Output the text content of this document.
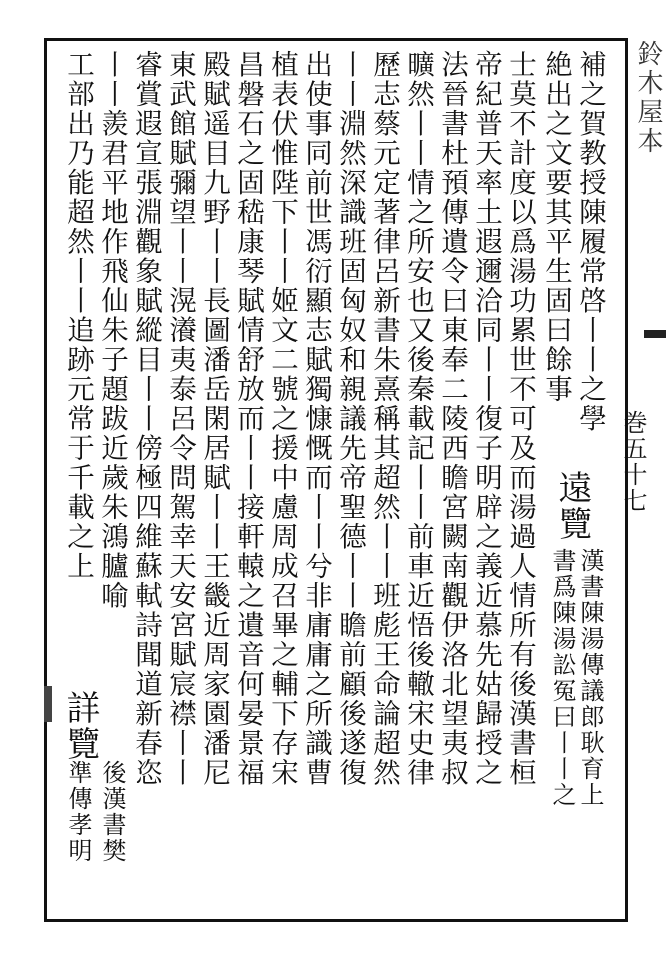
鈴木屋本
巻五十七
補之賀教授陳履常啓丨丨之學
絶出之文要其平生固曰餘事
遠覽
漢書陳湯傳議郎耿育上
書爲陳湯訟冤曰丨丨之
士莫不計度以爲湯功累世不可及而湯過人情所有後漢書桓
帝紀普天率土遐邇洽同丨丨復子明辟之義近慕先姑歸授之
法晉書杜預傳遺令曰東奉二陵西瞻宮闕南觀伊洛北望夷叔
曠然丨丨情之所安也又後秦載記丨丨前車近悟後轍宋史律
歷志蔡元定著律呂新書朱熹稱其超然丨丨班彪王命論超然
丨丨淵然深識班固匈奴和親議先帝聖德丨丨瞻前顧後遂復
出使事同前世馮衍顯志賦獨慷慨而丨丨兮非庸庸之所識曹
植表伏惟陛下丨丨姬文二號之援中慮周成召畢之輔下存宋
昌磐石之固嵇康琴賦情舒放而丨丨接軒轅之遺音何晏景福
殿賦遥目九野丨丨長圖潘岳閑居賦丨丨王畿近周家園潘尼
東武館賦彌望丨丨滉瀁夷泰呂令問駕幸天安宮賦宸襟丨丨
睿賞遐宣張淵觀象賦縱目丨丨傍極四維蘇軾詩聞道新春恣
丨丨羨君平地作飛仙朱子題跋近歲朱鴻臚喻
工部出乃能超然丨丨追跡元常于千載之上
詳覽
後漢書樊
準傳孝明
